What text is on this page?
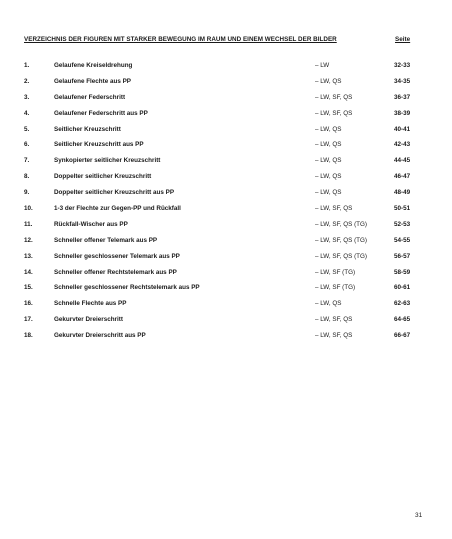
VERZEICHNIS DER FIGUREN MIT STARKER BEWEGUNG IM RAUM UND EINEM WECHSEL DER BILDER	Seite
1.	Gelaufene Kreiseldrehung	– LW	32-33
2.	Gelaufene Flechte aus PP	– LW, QS	34-35
3.	Gelaufener Federschritt	– LW, SF, QS	36-37
4.	Gelaufener Federschritt aus PP	– LW, SF, QS	38-39
5.	Seitlicher Kreuzschritt	– LW, QS	40-41
6.	Seitlicher Kreuzschritt aus PP	– LW, QS	42-43
7.	Synkopierter seitlicher Kreuzschritt	– LW, QS	44-45
8.	Doppelter seitlicher Kreuzschritt	– LW, QS	46-47
9.	Doppelter seitlicher Kreuzschritt aus PP	– LW, QS	48-49
10.	1-3 der Flechte zur Gegen-PP und Rückfall	– LW, SF, QS	50-51
11.	Rückfall-Wischer aus PP	– LW, SF, QS (TG)	52-53
12.	Schneller offener Telemark aus PP	– LW, SF, QS (TG)	54-55
13.	Schneller geschlossener Telemark aus PP	– LW, SF, QS (TG)	56-57
14.	Schneller offener Rechtstelemark aus PP	– LW, SF (TG)	58-59
15.	Schneller geschlossener Rechtstelemark aus PP	– LW, SF (TG)	60-61
16.	Schnelle Flechte aus PP	– LW, QS	62-63
17.	Gekurvter Dreierschritt	– LW, SF, QS	64-65
18.	Gekurvter Dreierschritt aus PP	– LW, SF, QS	66-67
31
